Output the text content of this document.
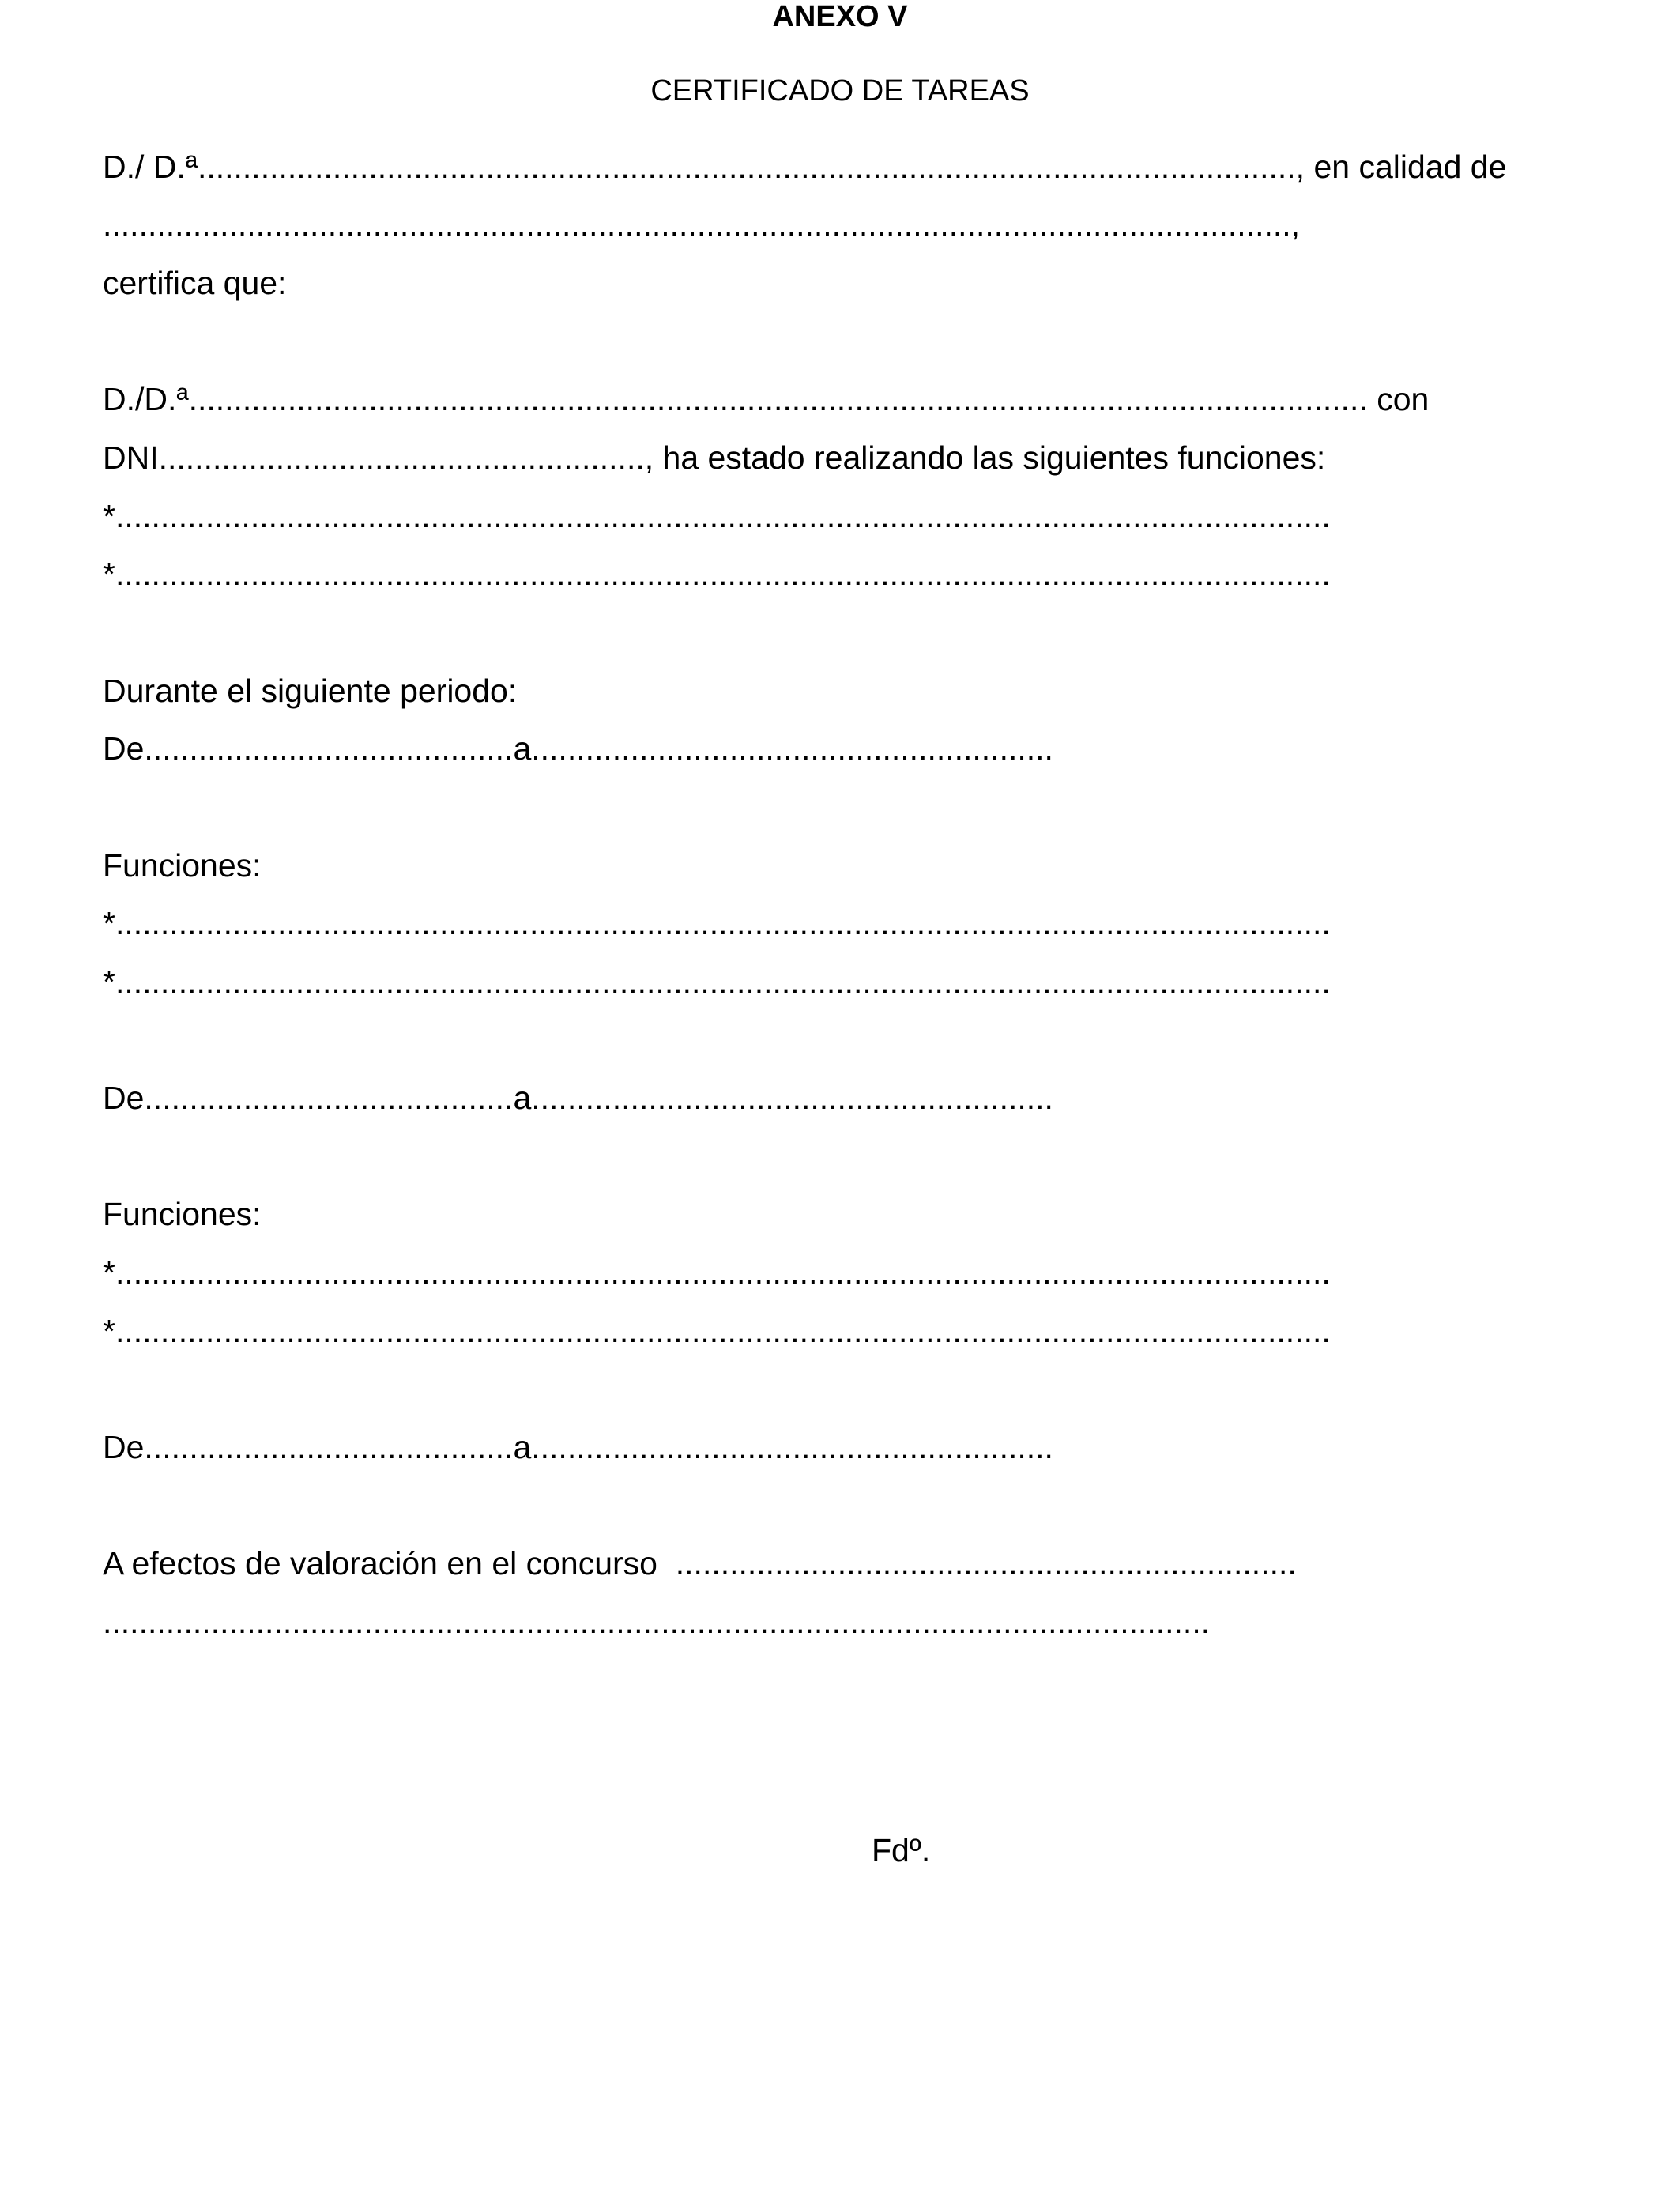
ANEXO V
CERTIFICADO DE TAREAS
D./ D.ª.........................................................................................................................., en calidad de
....................................................................................................................................,
certifica que:
D./D.ª................................................................................................................................... con
DNI......................................................, ha estado realizando las siguientes funciones:
*.......................................................................................................................................
*.......................................................................................................................................
Durante el siguiente periodo:
De.........................................a..........................................................
Funciones:
*.......................................................................................................................................
*.......................................................................................................................................
De.........................................a..........................................................
Funciones:
*.......................................................................................................................................
*.......................................................................................................................................
De.........................................a..........................................................
A efectos de valoración en el concurso  .....................................................................
...........................................................................................................................
Fdº.
